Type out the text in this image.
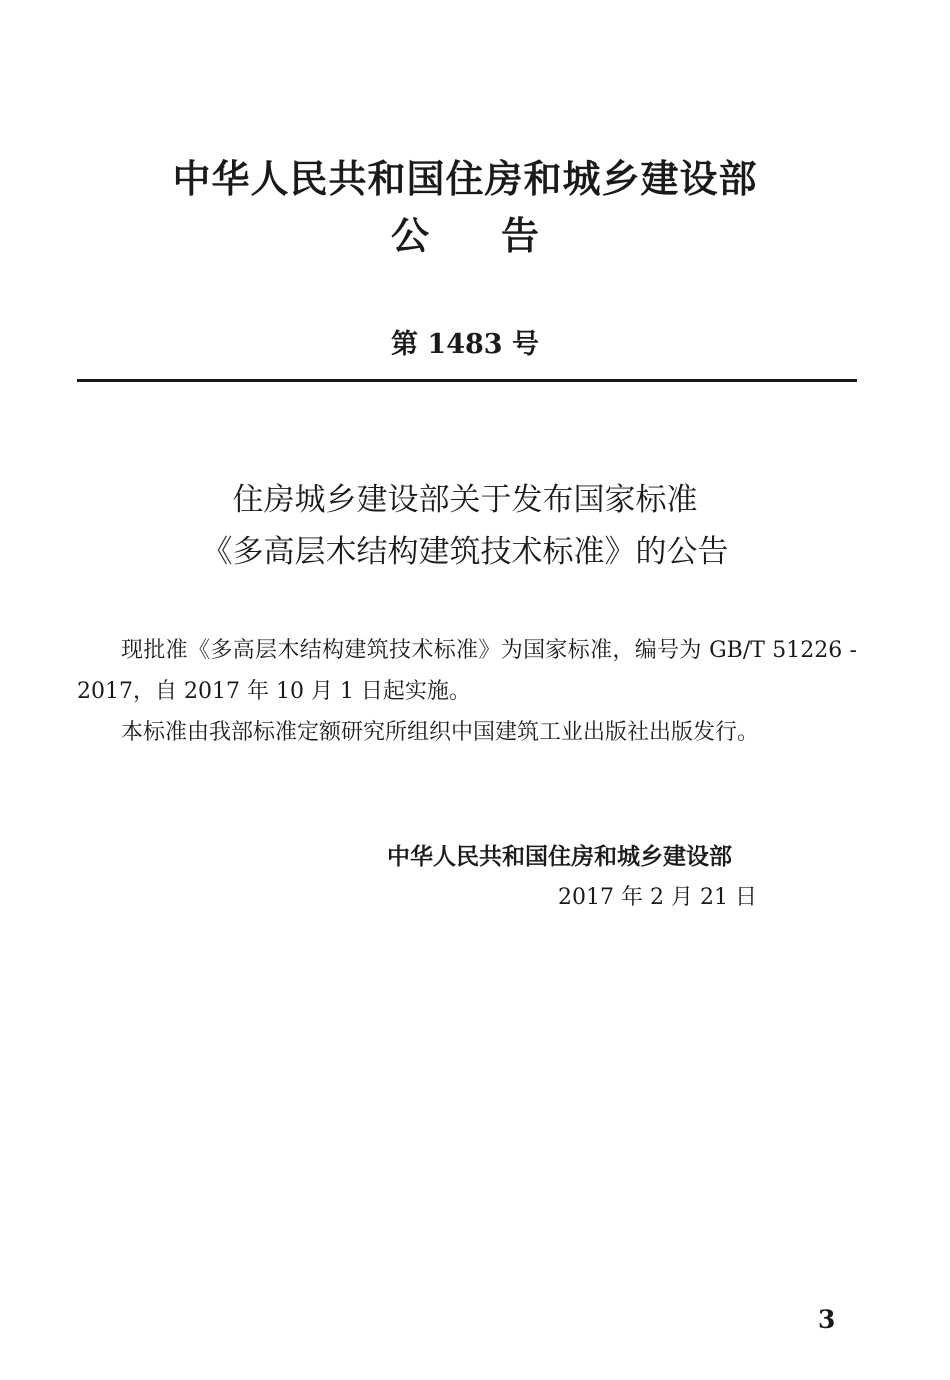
中华人民共和国住房和城乡建设部
公告
第 1483 号
住房城乡建设部关于发布国家标准
《多高层木结构建筑技术标准》的公告

现批准《多高层木结构建筑技术标准》为国家标准，编号为 GB/T 51226 - 2017，自 2017 年 10 月 1 日起实施。

本标准由我部标准定额研究所组织中国建筑工业出版社出版发行。

中华人民共和国住房和城乡建设部
2017 年 2 月 21 日
3
